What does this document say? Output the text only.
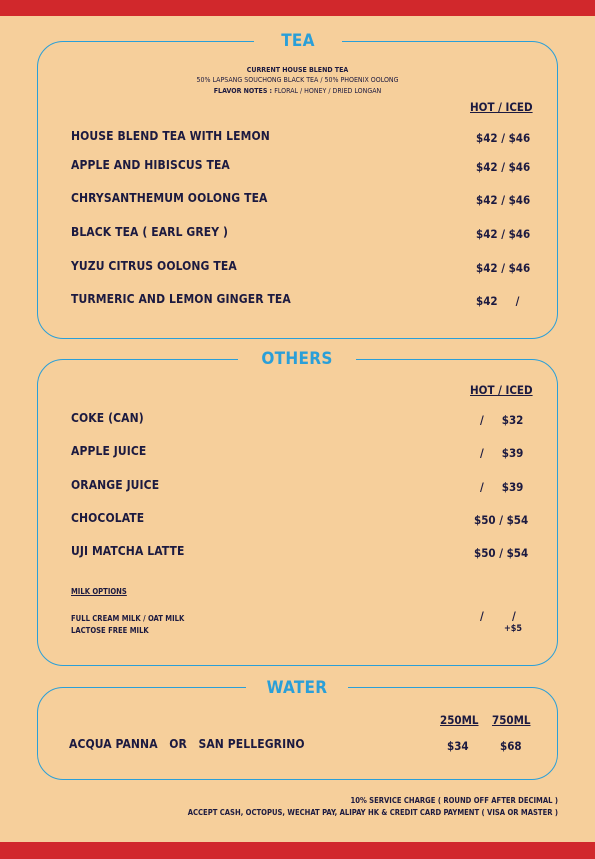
TEA
CURRENT HOUSE BLEND TEA
50% LAPSANG SOUCHONG BLACK TEA / 50% PHOENIX OOLONG
FLAVOR NOTES : FLORAL / HONEY / DRIED LONGAN
HOT / ICED
HOUSE BLEND TEA WITH LEMON	$42 / $46
APPLE AND HIBISCUS TEA	$42 / $46
CHRYSANTHEMUM OOLONG TEA	$42 / $46
BLACK TEA ( EARL GREY )	$42 / $46
YUZU CITRUS OOLONG TEA	$42 / $46
TURMERIC AND LEMON GINGER TEA	$42     /
OTHERS
HOT / ICED
COKE (CAN)	/     $32
APPLE JUICE	/     $39
ORANGE JUICE	/     $39
CHOCOLATE	$50 / $54
UJI MATCHA LATTE	$50 / $54
MILK OPTIONS
FULL CREAM MILK / OAT MILK
LACTOSE FREE MILK
/ /
+$5
WATER
250ML 750ML
ACQUA PANNA   OR   SAN PELLEGRINO	$34	$68
10% SERVICE CHARGE ( ROUND OFF AFTER DECIMAL )
ACCEPT CASH, OCTOPUS, WECHAT PAY, ALIPAY HK & CREDIT CARD PAYMENT ( VISA OR MASTER )
